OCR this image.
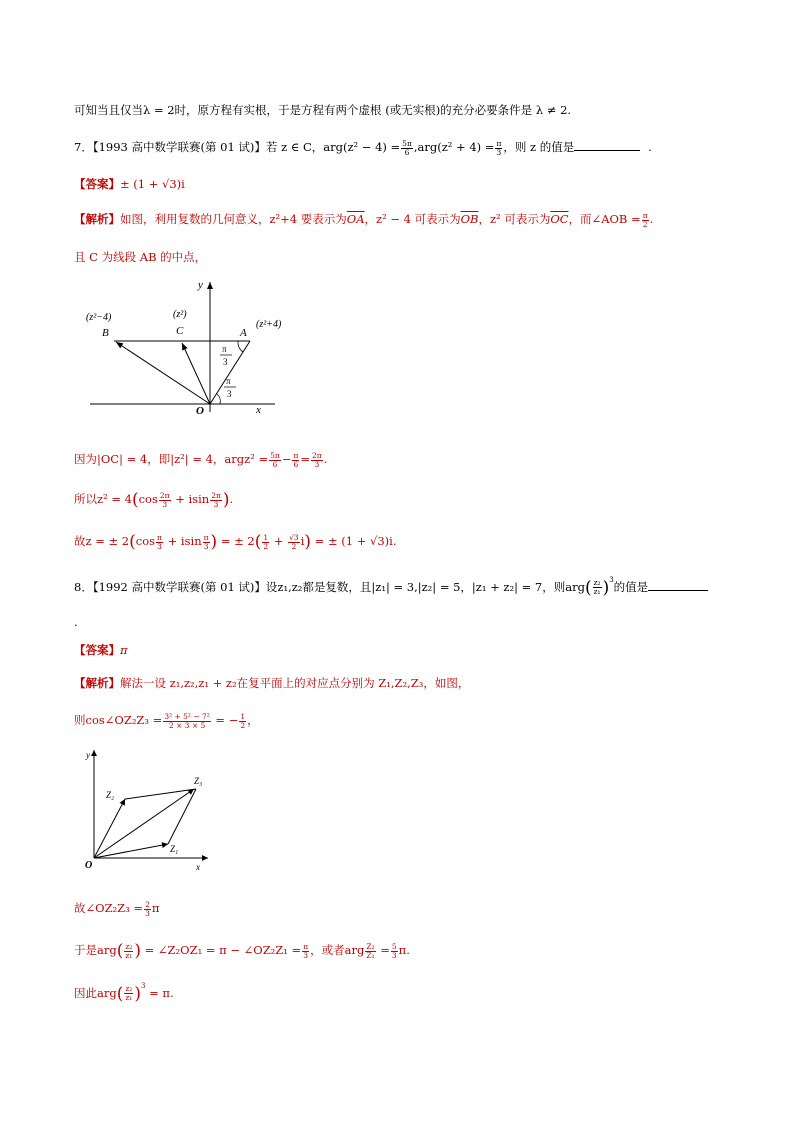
可知当且仅当λ = 2时，原方程有实根，于是方程有两个虚根 (或无实根)的充分必要条件是 λ ≠ 2.
7．【1993 高中数学联赛(第 01 试)】若 z ∈ C，$arg(z^2 - 4) = \frac{5\pi}{6} ,arg(z^2 + 4) = \frac{\pi}{3}$ ，则 z 的值是	.
【答案】± (1 + √3)i
【解析】如图，利用复数的几何意义，z²+4 要表示为$\overline{OA}$，z² − 4 可表示为$\overline{OB}$，z² 可表示为$\overline{OC}$，而∠AOB = $\frac{\pi}{2}$ .
且 C 为线段 AB 的中点，
y
x
O
A
B	C
(z²+4)
(z²−4)	(z²)
π
3
π
3
因为|OC| = 4，即|z²| = 4，argz² = $\frac{5\pi}{6} - \frac{\pi}{6} = \frac{2\pi}{3}$ .
所以$z^2 = 4(\cos \frac{2\pi}{3} + isin \frac{2\pi}{3}$ ).
故z = ± $2(\cos \frac{\pi}{3} + isin \frac{\pi}{3}$ ) = ± $2( \frac{1}{2} + \frac{√3}{2} i)$ = ± (1 + √3)i.
8．【1992 高中数学联赛(第 01 试)】设z₁,z₂都是复数，且|z₁| = 3,|z₂| = 5，|z₁ + z₂| = 7，则$arg( \frac{\text{z₂}}{\text{z₁}} )^3$的值是
.
【答案】π
【解析】解法一设 z₁,z₂,z₁ + z₂在复平面上的对应点分别为 Z₁,Z₂,Z₃，如图，
则cos∠OZ₂Z₃ = $\frac{\text{3² + 5² − 7²}}{2 \times 3 \times 5}$ = − $\frac{1}{2}$ ，
y
x
O
Z₁
Z₂
Z₃
故∠OZ₂Z₃ = $\frac{2}{3}$ π
于是$arg( \frac{\text{z₂}}{\text{z₁}}$ ) = ∠Z₂OZ₁ = π − ∠OZ₂Z₁ = $\frac{\pi}{3}$ ，或者arg $\frac{\text{Z₂}}{\text{Z₁}} = \frac{5}{3} \pi$.
因此$arg( \frac{\text{z₂}}{\text{z₁}} )^3 = \pi$.
